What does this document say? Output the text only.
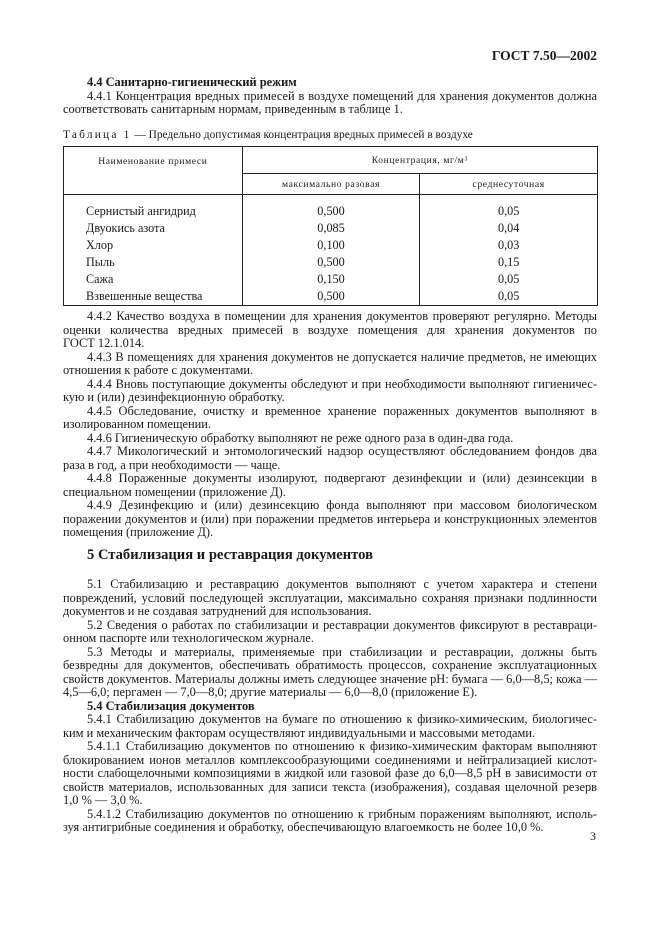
ГОСТ 7.50—2002
4.4 Санитарно-гигиенический режим
4.4.1 Концентрация вредных примесей в воздухе помещений для хранения документов должна
соответствовать санитарным нормам, приведенным в таблице 1.
Таблица 1 — Предельно допустимая концентрация вредных примесей в воздухе
Наименование примеси	Концентрация, мг/м³	
	максимально разовая	среднесуточная
Сернистый ангидрид	0,500	0,05
Двуокись азота	0,085	0,04
Хлор	0,100	0,03
Пыль	0,500	0,15
Сажа	0,150	0,05
Взвешенные вещества	0,500	0,05
4.4.2 Качество воздуха в помещении для хранения документов проверяют регулярно. Методы
оценки количества вредных примесей в воздухе помещения для хранения документов по
ГОСТ 12.1.014.
4.4.3 В помещениях для хранения документов не допускается наличие предметов, не имеющих
отношения к работе с документами.
4.4.4 Вновь поступающие документы обследуют и при необходимости выполняют гигиеничес-
кую и (или) дезинфекционную обработку.
4.4.5 Обследование, очистку и временное хранение пораженных документов выполняют в
изолированном помещении.
4.4.6 Гигиеническую обработку выполняют не реже одного раза в один-два года.
4.4.7 Микологический и энтомологический надзор осуществляют обследованием фондов два
раза в год, а при необходимости — чаще.
4.4.8 Пораженные документы изолируют, подвергают дезинфекции и (или) дезинсекции в
специальном помещении (приложение Д).
4.4.9 Дезинфекцию и (или) дезинсекцию фонда выполняют при массовом биологическом
поражении документов и (или) при поражении предметов интерьера и конструкционных элементов
помещения (приложение Д).
5 Стабилизация и реставрация документов
5.1 Стабилизацию и реставрацию документов выполняют с учетом характера и степени
повреждений, условий последующей эксплуатации, максимально сохраняя признаки подлинности
документов и не создавая затруднений для использования.
5.2 Сведения о работах по стабилизации и реставрации документов фиксируют в реставраци-
онном паспорте или технологическом журнале.
5.3 Методы и материалы, применяемые при стабилизации и реставрации, должны быть
безвредны для документов, обеспечивать обратимость процессов, сохранение эксплуатационных
свойств документов. Материалы должны иметь следующее значение pH: бумага — 6,0—8,5; кожа —
4,5—6,0; пергамен — 7,0—8,0; другие материалы — 6,0—8,0 (приложение Е).
5.4 Стабилизация документов
5.4.1 Стабилизацию документов на бумаге по отношению к физико-химическим, биологичес-
ким и механическим факторам осуществляют индивидуальными и массовыми методами.
5.4.1.1 Стабилизацию документов по отношению к физико-химическим факторам выполняют
блокированием ионов металлов комплексообразующими соединениями и нейтрализацией кислот-
ности слабощелочными композициями в жидкой или газовой фазе до 6,0—8,5 pH в зависимости от
свойств материалов, использованных для записи текста (изображения), создавая щелочной резерв
1,0 % — 3,0 %.
5.4.1.2 Стабилизацию документов по отношению к грибным поражениям выполняют, исполь-
зуя антигрибные соединения и обработку, обеспечивающую влагоемкость не более 10,0 %.
3
